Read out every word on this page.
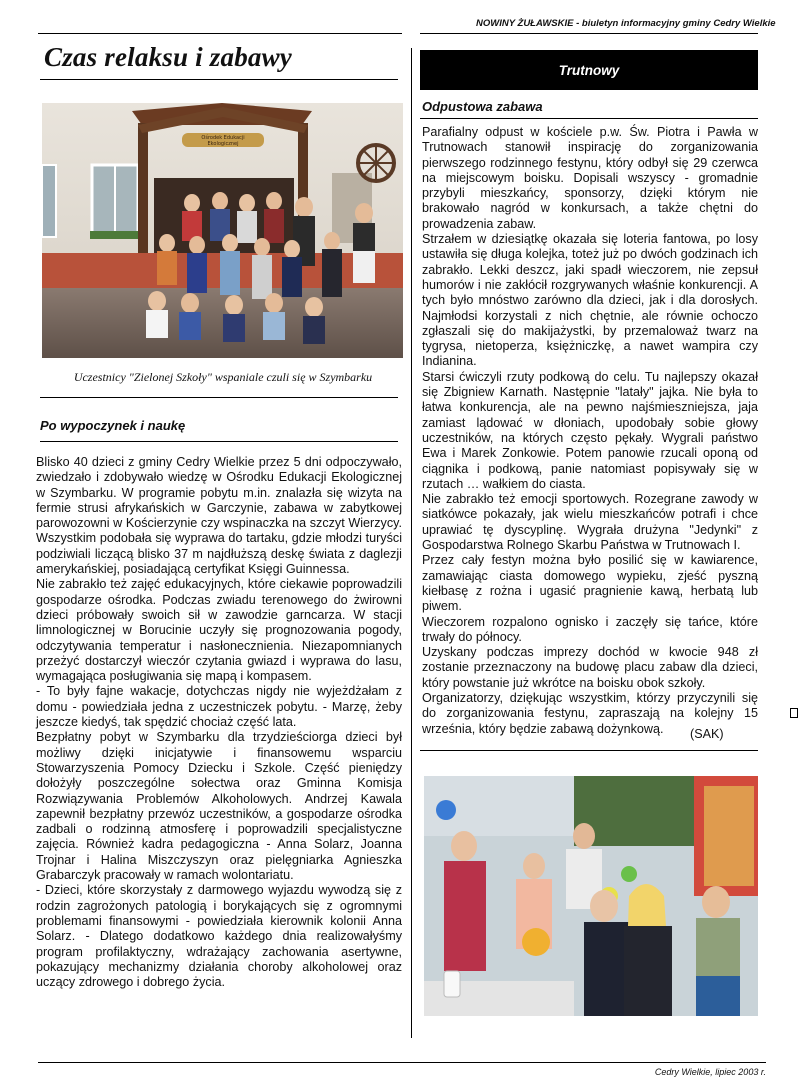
NOWINY ŻUŁAWSKIE - biuletyn informacyjny gminy Cedry Wielkie
Czas relaksu i zabawy
Ośrodek Edukacji
Ekologicznej
Uczestnicy "Zielonej Szkoły" wspaniale czuli się w Szymbarku
Po wypoczynek i naukę

Blisko 40 dzieci z gminy Cedry Wielkie przez 5 dni odpoczywało, zwiedzało i zdobywało wiedzę w Ośrodku Edukacji Ekologicznej w Szymbarku. W programie pobytu m.in. znalazła się wizyta na fermie strusi afrykańskich w Garczynie, zabawa w zabytkowej parowozowni w Kościerzynie czy wspinaczka na szczyt Wierzycy. Wszystkim podobała się wyprawa do tartaku, gdzie młodzi turyści podziwiali liczącą blisko 37 m najdłuższą deskę świata z daglezji amerykańskiej, posiadającą certyfikat Księgi Guinnessa.

Nie zabrakło też zajęć edukacyjnych, które ciekawie poprowadzili gospodarze ośrodka. Podczas zwiadu terenowego do żwirowni dzieci próbowały swoich sił w zawodzie garncarza. W stacji limnologicznej w Borucinie uczyły się prognozowania pogody, odczytywania temperatur i nasłonecznienia. Niezapomnianych przeżyć dostarczył wieczór czytania gwiazd i wyprawa do lasu, wymagająca posługiwania się mapą i kompasem.

- To były fajne wakacje, dotychczas nigdy nie wyjeżdżałam z domu - powiedziała jedna z uczestniczek pobytu. - Marzę, żeby jeszcze kiedyś, tak spędzić chociaż część lata.

Bezpłatny pobyt w Szymbarku dla trzydzieściorga dzieci był możliwy dzięki inicjatywie i finansowemu wsparciu Stowarzyszenia Pomocy Dziecku i Szkole. Część pieniędzy dołożyły poszczególne sołectwa oraz Gminna Komisja Rozwiązywania Problemów Alkoholowych. Andrzej Kawala zapewnił bezpłatny przewóz uczestników, a gospodarze ośrodka zadbali o rodzinną atmosferę i poprowadzili specjalistyczne zajęcia. Również kadra pedagogiczna - Anna Solarz, Joanna Trojnar i Halina Miszczyszyn oraz pielęgniarka Agnieszka Grabarczyk pracowały w ramach wolontariatu.

- Dzieci, które skorzystały z darmowego wyjazdu wywodzą się z rodzin zagrożonych patologią i borykających się z ogromnymi problemami finansowymi - powiedziała kierownik kolonii Anna Solarz. - Dlatego dodatkowo każdego dnia realizowałyśmy program profilaktyczny, wdrażający zachowania asertywne, pokazujący mechanizmy działania choroby alkoholowej oraz uczący zdrowego i dobrego życia.

Trutnowy
Odpustowa zabawa

Parafialny odpust w kościele p.w. Św. Piotra i Pawła w Trutnowach stanowił inspirację do zorganizowania pierwszego rodzinnego festynu, który odbył się 29 czerwca na miejscowym boisku. Dopisali wszyscy - gromadnie przybyli mieszkańcy, sponsorzy, dzięki którym nie brakowało nagród w konkursach, a także chętni do prowadzenia zabaw.

Strzałem w dziesiątkę okazała się loteria fantowa, po losy ustawiła się długa kolejka, toteż już po dwóch godzinach ich zabrakło. Lekki deszcz, jaki spadł wieczorem, nie zepsuł humorów i nie zakłócił rozgrywanych właśnie konkurencji. A tych było mnóstwo zarówno dla dzieci, jak i dla dorosłych. Najmłodsi korzystali z nich chętnie, ale równie ochoczo zgłaszali się do makijażystki, by przemaloważ twarz na tygrysa, nietoperza, księżniczkę, a nawet wampira czy Indianina.

Starsi ćwiczyli rzuty podkową do celu. Tu najlepszy okazał się Zbigniew Karnath. Następnie "latały" jajka. Nie była to łatwa konkurencja, ale na pewno najśmieszniejsza, jaja zamiast lądować w dłoniach, upodobały sobie głowy uczestników, na których często pękały. Wygrali państwo Ewa i Marek Zonkowie. Potem panowie rzucali oponą od ciągnika i podkową, panie natomiast popisywały się w rzutach … wałkiem do ciasta.

Nie zabrakło też emocji sportowych. Rozegrane zawody w siatkówce pokazały, jak wielu mieszkańców potrafi i chce uprawiać tę dyscyplinę. Wygrała drużyna "Jedynki" z Gospodarstwa Rolnego Skarbu Państwa w Trutnowach I.

Przez cały festyn można było posilić się w kawiarence, zamawiając ciasta domowego wypieku, zjeść pyszną kiełbasę z rożna i ugasić pragnienie kawą, herbatą lub piwem.

Wieczorem rozpalono ognisko i zaczęły się tańce, które trwały do północy.

Uzyskany podczas imprezy dochód w kwocie 948 zł zostanie przeznaczony na budowę placu zabaw dla dzieci, który powstanie już wkrótce na boisku obok szkoły.

Organizatorzy, dziękując wszystkim, którzy przyczynili się do zorganizowania festynu, zapraszają na kolejny 15 września, który będzie zabawą dożynkową.	(SAK)
Cedry Wielkie, lipiec 2003 r.
